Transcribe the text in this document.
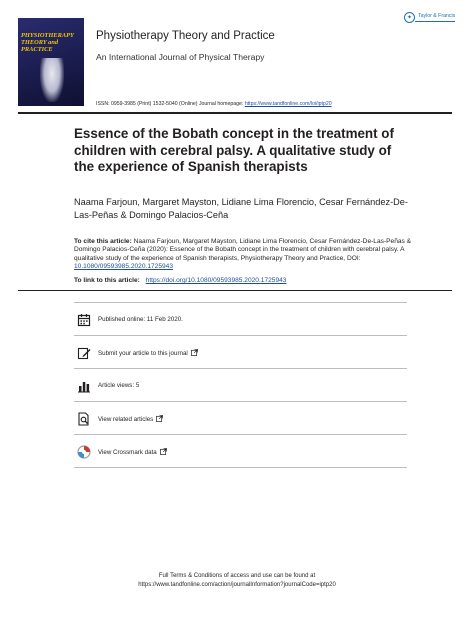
PHYSIOTHERAPY THEORY and PRACTICE
Physiotherapy Theory and Practice
An International Journal of Physical Therapy
ISSN: 0959-3985 (Print) 1532-5040 (Online) Journal homepage: https://www.tandfonline.com/loi/iptp20
✦	Taylor & Francis
Essence of the Bobath concept in the treatment of children with cerebral palsy. A qualitative study of the experience of Spanish therapists
Naama Farjoun, Margaret Mayston, Lidiane Lima Florencio, Cesar Fernández-De-Las-Peñas & Domingo Palacios-Ceña
To cite this article: Naama Farjoun, Margaret Mayston, Lidiane Lima Florencio, Cesar Fernández-De-Las-Peñas & Domingo Palacios-Ceña (2020): Essence of the Bobath concept in the treatment of children with cerebral palsy. A qualitative study of the experience of Spanish therapists, Physiotherapy Theory and Practice, DOI: 10.1080/09593985.2020.1725943
To link to this article: https://doi.org/10.1080/09593985.2020.1725943
Published online: 11 Feb 2020.
Submit your article to this journal
Article views: 5
View related articles
View Crossmark data
Full Terms & Conditions of access and use can be found at
https://www.tandfonline.com/action/journalInformation?journalCode=iptp20
